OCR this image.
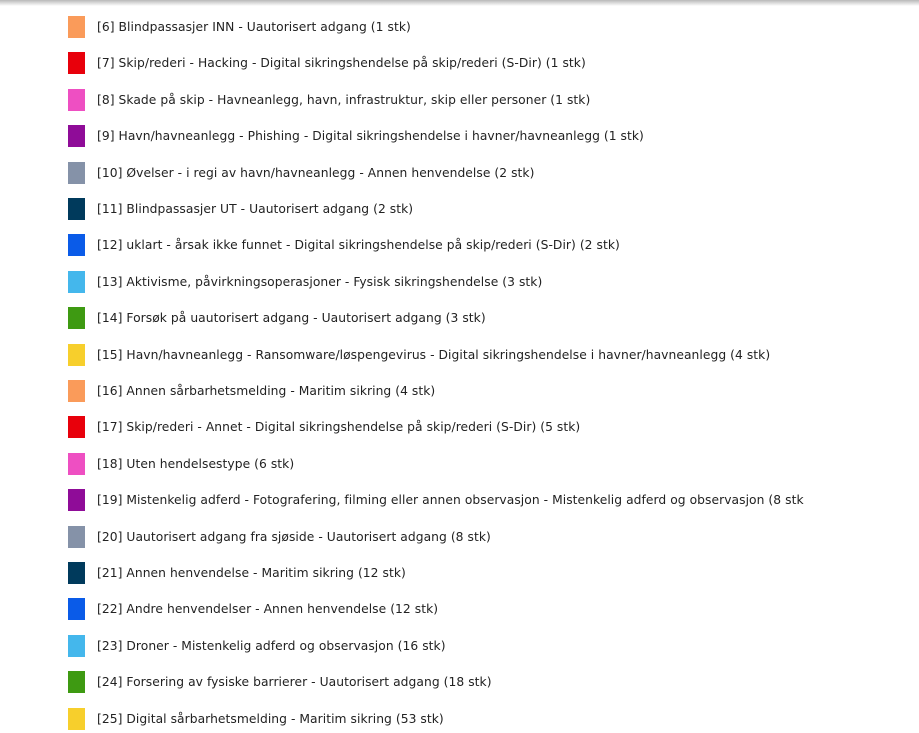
[6] Blindpassasjer INN - Uautorisert adgang (1 stk)
[7] Skip/rederi - Hacking - Digital sikringshendelse på skip/rederi (S-Dir) (1 stk)
[8] Skade på skip - Havneanlegg, havn, infrastruktur, skip eller personer (1 stk)
[9] Havn/havneanlegg - Phishing - Digital sikringshendelse i havner/havneanlegg (1 stk)
[10] Øvelser - i regi av havn/havneanlegg - Annen henvendelse (2 stk)
[11] Blindpassasjer UT - Uautorisert adgang (2 stk)
[12] uklart - årsak ikke funnet - Digital sikringshendelse på skip/rederi (S-Dir) (2 stk)
[13] Aktivisme, påvirkningsoperasjoner - Fysisk sikringshendelse (3 stk)
[14] Forsøk på uautorisert adgang - Uautorisert adgang (3 stk)
[15] Havn/havneanlegg - Ransomware/løspengevirus - Digital sikringshendelse i havner/havneanlegg (4 stk)
[16] Annen sårbarhetsmelding - Maritim sikring (4 stk)
[17] Skip/rederi - Annet - Digital sikringshendelse på skip/rederi (S-Dir) (5 stk)
[18] Uten hendelsestype (6 stk)
[19] Mistenkelig adferd - Fotografering, filming eller annen observasjon - Mistenkelig adferd og observasjon (8 stk
[20] Uautorisert adgang fra sjøside - Uautorisert adgang (8 stk)
[21] Annen henvendelse - Maritim sikring (12 stk)
[22] Andre henvendelser - Annen henvendelse (12 stk)
[23] Droner - Mistenkelig adferd og observasjon (16 stk)
[24] Forsering av fysiske barrierer - Uautorisert adgang (18 stk)
[25] Digital sårbarhetsmelding - Maritim sikring (53 stk)
